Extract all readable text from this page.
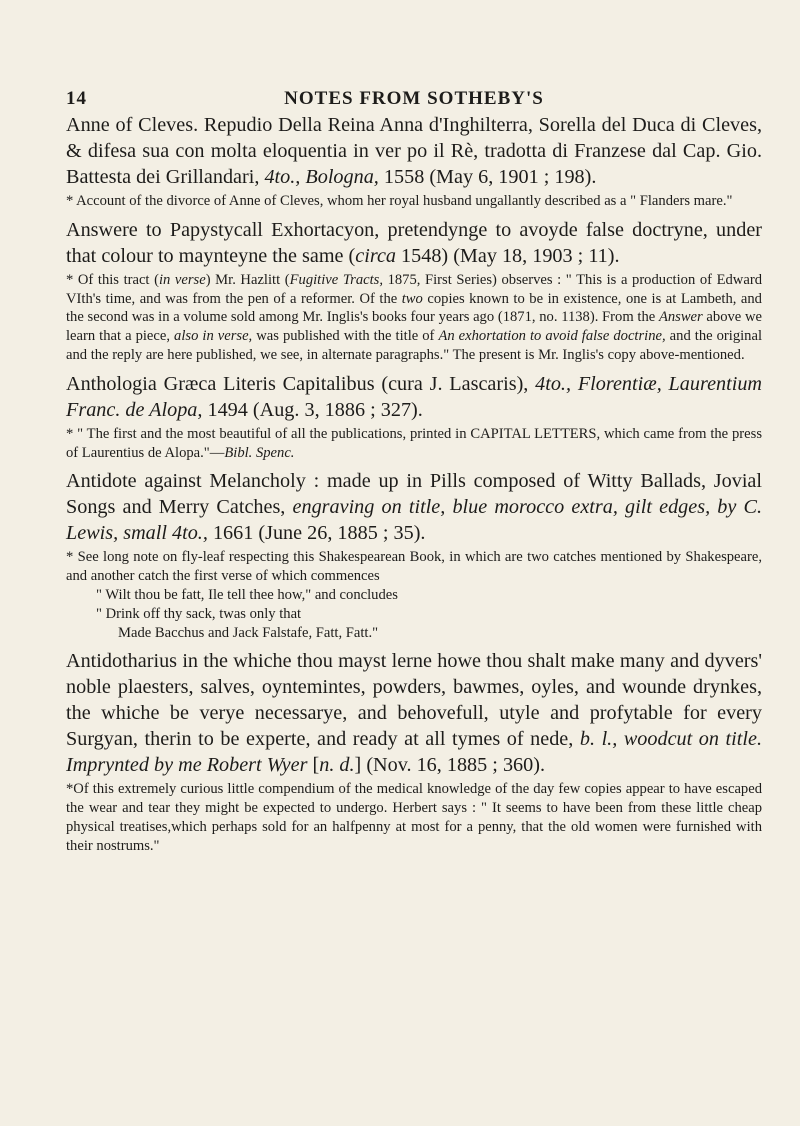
14	NOTES FROM SOTHEBY'S

Anne of Cleves. Repudio Della Reina Anna d'Inghilterra, Sorella del Duca di Cleves, & difesa sua con molta eloquentia in ver po il Rè, tradotta di Franzese dal Cap. Gio. Battesta dei Grillandari, 4to., Bologna, 1558 (May 6, 1901 ; 198).

* Account of the divorce of Anne of Cleves, whom her royal husband ungallantly described as a " Flanders mare."

Answere to Papystycall Exhortacyon, pretendynge to avoyde false doctryne, under that colour to maynteyne the same (circa 1548) (May 18, 1903 ; 11).

* Of this tract (in verse) Mr. Hazlitt (Fugitive Tracts, 1875, First Series) observes : " This is a production of Edward VIth's time, and was from the pen of a reformer. Of the two copies known to be in existence, one is at Lambeth, and the second was in a volume sold among Mr. Inglis's books four years ago (1871, no. 1138). From the Answer above we learn that a piece, also in verse, was published with the title of An exhortation to avoid false doctrine, and the original and the reply are here published, we see, in alternate paragraphs." The present is Mr. Inglis's copy above-mentioned.

Anthologia Græca Literis Capitalibus (cura J. Lascaris), 4to., Florentiæ, Laurentium Franc. de Alopa, 1494 (Aug. 3, 1886 ; 327).

* " The first and the most beautiful of all the publications, printed in CAPITAL LETTERS, which came from the press of Laurentius de Alopa."—Bibl. Spenc.

Antidote against Melancholy : made up in Pills composed of Witty Ballads, Jovial Songs and Merry Catches, engraving on title, blue morocco extra, gilt edges, by C. Lewis, small 4to., 1661 (June 26, 1885 ; 35).

* See long note on fly-leaf respecting this Shakespearean Book, in which are two catches mentioned by Shakespeare, and another catch the first verse of which commences

" Wilt thou be fatt, Ile tell thee how," and concludes
" Drink off thy sack, twas only that
Made Bacchus and Jack Falstafe, Fatt, Fatt."

Antidotharius in the whiche thou mayst lerne howe thou shalt make many and dyvers' noble plaesters, salves, oyntemintes, powders, bawmes, oyles, and wounde drynkes, the whiche be verye necessarye, and behovefull, utyle and profytable for every Surgyan, therin to be experte, and ready at all tymes of nede, b. l., woodcut on title. Imprynted by me Robert Wyer [n. d.] (Nov. 16, 1885 ; 360).

*Of this extremely curious little compendium of the medical knowledge of the day few copies appear to have escaped the wear and tear they might be expected to undergo. Herbert says : " It seems to have been from these little cheap physical treatises,which perhaps sold for an halfpenny at most for a penny, that the old women were furnished with their nostrums."
